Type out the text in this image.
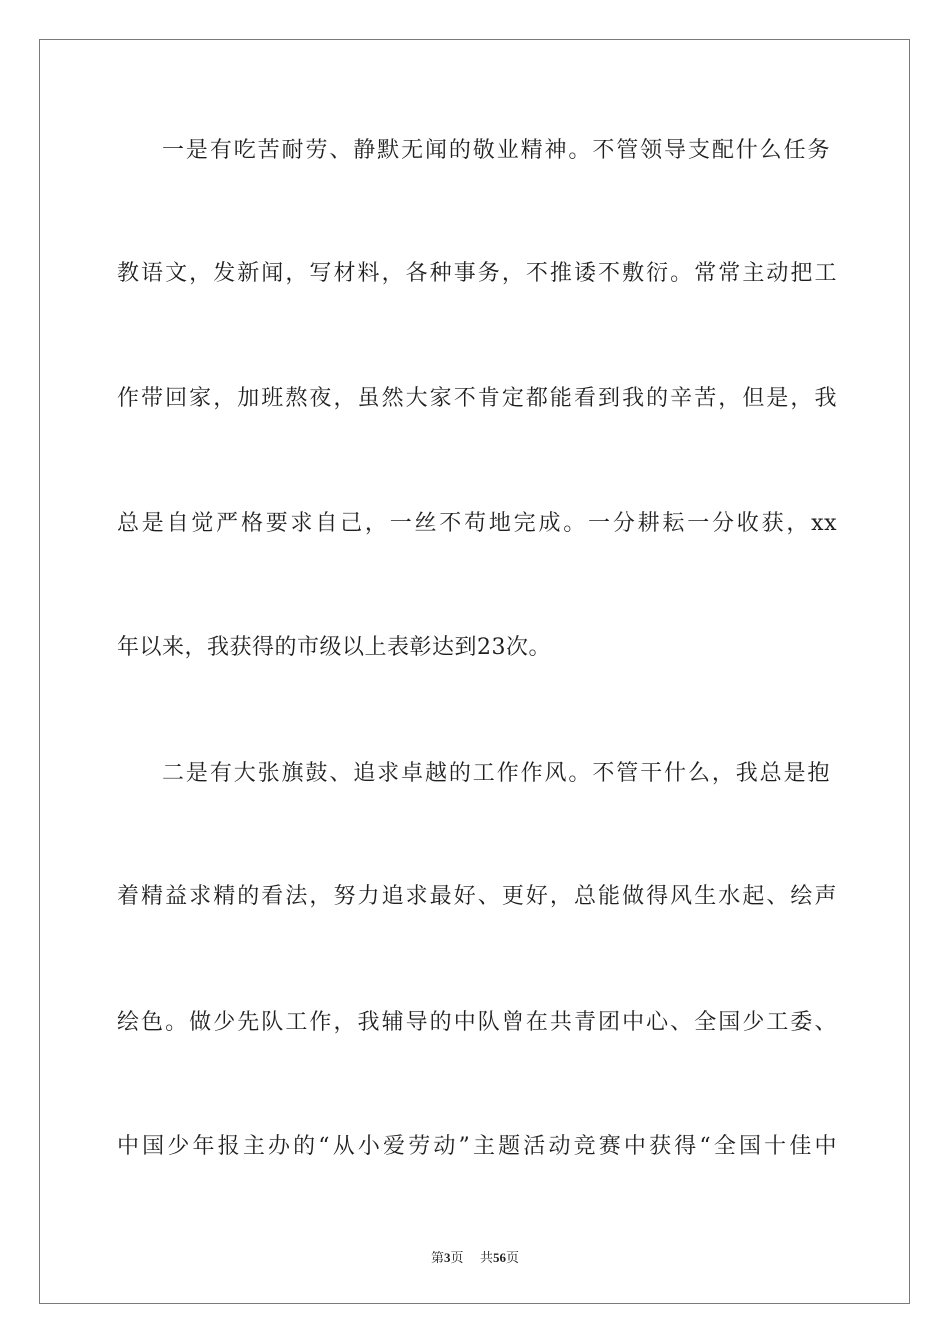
一是有吃苦耐劳、静默无闻的敬业精神。不管领导支配什么任务

教语文，发新闻，写材料，各种事务，不推诿不敷衍。常常主动把工

作带回家，加班熬夜，虽然大家不肯定都能看到我的辛苦，但是，我

总是自觉严格要求自己，一丝不苟地完成。一分耕耘一分收获，xx

年以来，我获得的市级以上表彰达到23次。

二是有大张旗鼓、追求卓越的工作作风。不管干什么，我总是抱

着精益求精的看法，努力追求最好、更好，总能做得风生水起、绘声

绘色。做少先队工作，我辅导的中队曾在共青团中心、全国少工委、

中国少年报主办的“从小爱劳动”主题活动竞赛中获得“全国十佳中

第3页 共56页
